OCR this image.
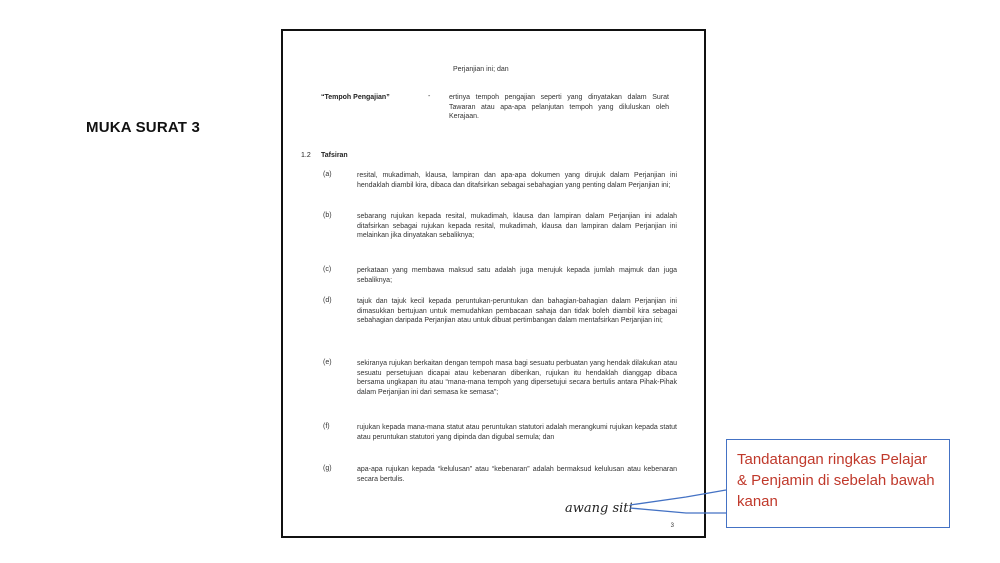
MUKA SURAT 3
Perjanjian ini; dan
“Tempoh Pengajian”	-	ertinya tempoh pengajian seperti yang dinyatakan dalam Surat Tawaran atau apa-apa pelanjutan tempoh yang diluluskan oleh Kerajaan.
1.2 Tafsiran
(a)	resital, mukadimah, klausa, lampiran dan apa-apa dokumen yang dirujuk dalam Perjanjian ini hendaklah diambil kira, dibaca dan ditafsirkan sebagai sebahagian yang penting dalam Perjanjian ini;
(b)	sebarang rujukan kepada resital, mukadimah, klausa dan lampiran dalam Perjanjian ini adalah ditafsirkan sebagai rujukan kepada resital, mukadimah, klausa dan lampiran dalam Perjanjian ini melainkan jika dinyatakan sebaliknya;
(c)	perkataan yang membawa maksud satu adalah juga merujuk kepada jumlah majmuk dan juga sebaliknya;
(d)	tajuk dan tajuk kecil kepada peruntukan-peruntukan dan bahagian-bahagian dalam Perjanjian ini dimasukkan bertujuan untuk memudahkan pembacaan sahaja dan tidak boleh diambil kira sebagai sebahagian daripada Perjanjian atau untuk dibuat pertimbangan dalam mentafsirkan Perjanjian ini;
(e)	sekiranya rujukan berkaitan dengan tempoh masa bagi sesuatu perbuatan yang hendak dilakukan atau sesuatu persetujuan dicapai atau kebenaran diberikan, rujukan itu hendaklah dianggap dibaca bersama ungkapan itu atau “mana-mana tempoh yang dipersetujui secara bertulis antara Pihak-Pihak dalam Perjanjian ini dari semasa ke semasa”;
(f)	rujukan kepada mana-mana statut atau peruntukan statutori adalah merangkumi rujukan kepada statut atau peruntukan statutori yang dipinda dan digubal semula; dan
(g)	apa-apa rujukan kepada “kelulusan” atau “kebenaran” adalah bermaksud kelulusan atau kebenaran secara bertulis.
awang siti
3
Tandatangan ringkas Pelajar & Penjamin di sebelah bawah kanan
